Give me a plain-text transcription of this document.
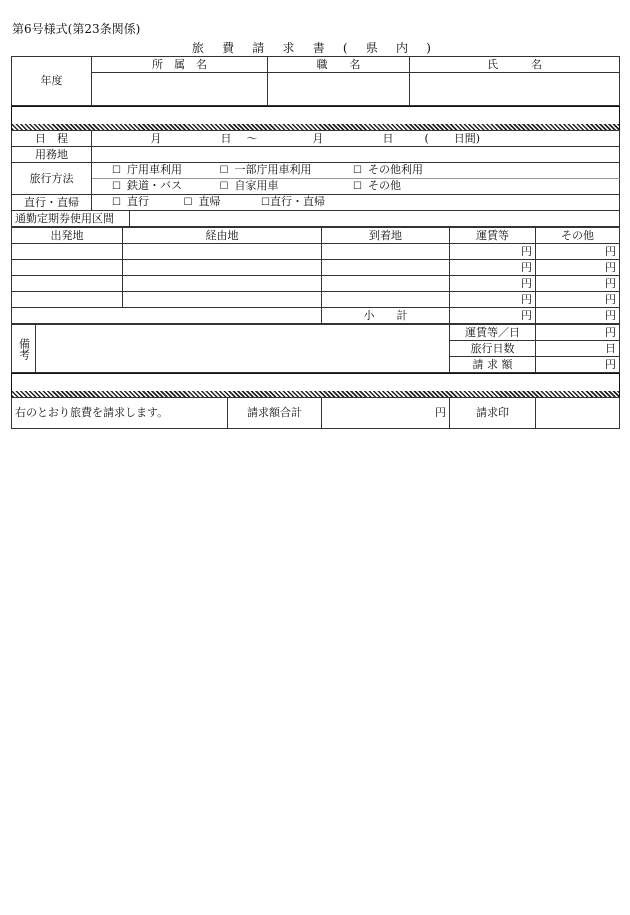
第6号様式(第23条関係)
旅 費 請 求 書 ( 県 内 )
年度	所　属　名	職　　名	氏　　　名

日　程	月 日 ～ 月 日 ( 日間)	
用務地		
旅行方法	☐ 庁用車利用 ☐ 一部庁用車利用 ☐ その他利用	
	☐ 鉄道・バス ☐ 自家用車 ☐ その他	
直行・直帰	☐ 直行 ☐ 直帰 ☐直行・直帰	
通勤定期券使用区間		
出発地	経由地	到着地	運賃等	その他
			円	円
			円	円
			円	円
			円	円
		小　　計	円	円
備考		運賃等／日	円
		旅行日数	日
		請 求 額	円
右のとおり旅費を請求します。	請求額合計	円	請求印	
